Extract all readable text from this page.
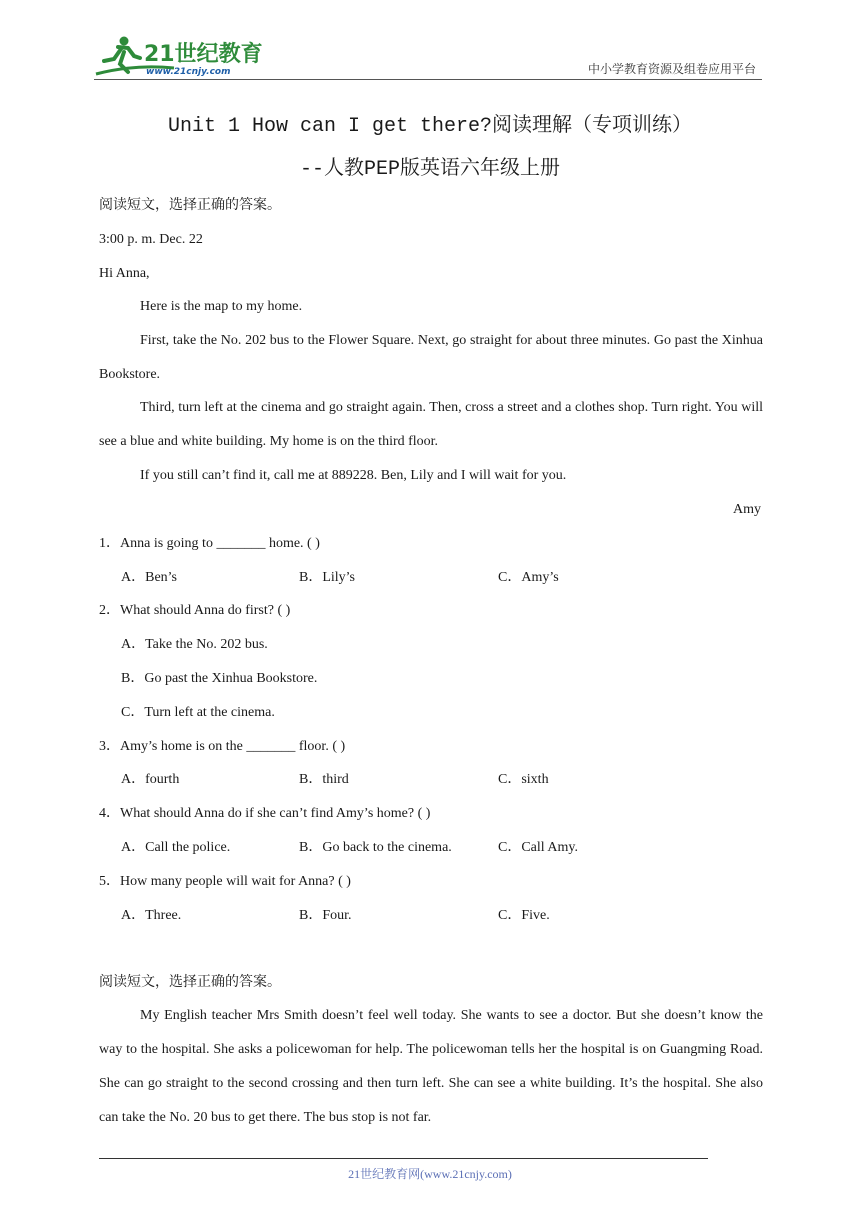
21世纪教育
www.21cnjy.com	中小学教育资源及组卷应用平台
Unit 1 How can I get there?阅读理解（专项训练）
--人教PEP版英语六年级上册
阅读短文，选择正确的答案。
3:00 p. m. Dec. 22
Hi Anna,
Here is the map to my home.
First, take the No. 202 bus to the Flower Square. Next, go straight for about three minutes. Go past the Xinhua Bookstore.
Third, turn left at the cinema and go straight again. Then, cross a street and a clothes shop. Turn right. You will see a blue and white building. My home is on the third floor.
If you still can’t find it, call me at 889228. Ben, Lily and I will wait for you.
Amy
1．Anna is going to _______ home. ( )
A．Ben’s	B．Lily’s	C．Amy’s
2．What should Anna do first? ( )
A．Take the No. 202 bus.
B．Go past the Xinhua Bookstore.
C．Turn left at the cinema.
3．Amy’s home is on the _______ floor. ( )
A．fourth	B．third	C．sixth
4．What should Anna do if she can’t find Amy’s home? ( )
A．Call the police.	B．Go back to the cinema.	C．Call Amy.
5．How many people will wait for Anna? ( )
A．Three.	B．Four.	C．Five.
阅读短文，选择正确的答案。
My English teacher Mrs Smith doesn’t feel well today. She wants to see a doctor. But she doesn’t know the way to the hospital. She asks a policewoman for help. The policewoman tells her the hospital is on Guangming Road. She can go straight to the second crossing and then turn left. She can see a white building. It’s the hospital. She also can take the No. 20 bus to get there. The bus stop is not far.
21世纪教育网(www.21cnjy.com)
